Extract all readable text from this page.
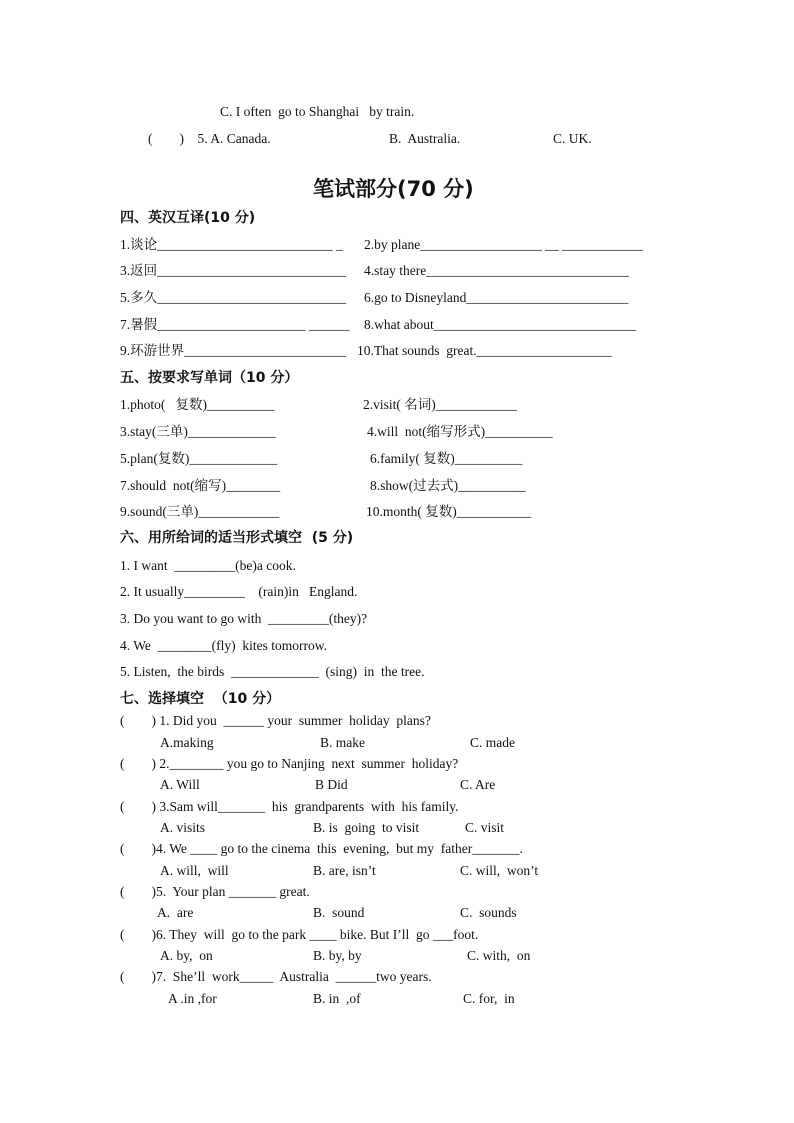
C. I often  go to Shanghai   by train.
(        )    5. A. Canada.	B.  Australia.	C. UK.
笔试部分(70 分)
四、英汉互译(10 分)
1.谈论__________________________ _ 2.by plane__________________ __ ____________
3.返回____________________________ 4.stay there______________________________
5.多久____________________________ 6.go to Disneyland________________________
7.暑假______________________ ______ 8.what about______________________________
9.环游世界________________________ 10.That sounds  great.____________________
五、按要求写单词（10 分）
1.photo(   复数)__________	2.visit( 名词)____________
3.stay(三单)_____________	4.will  not(缩写形式)__________
5.plan(复数)_____________	6.family( 复数)__________
7.should  not(缩写)________	8.show(过去式)__________
9.sound(三单)____________	10.month( 复数)___________
六、用所给词的适当形式填空  (5 分)
1. I want  _________(be)a cook.
2. It usually_________    (rain)in   England.
3. Do you want to go with  _________(they)?
4. We  ________(fly)  kites tomorrow.
5. Listen,  the birds  _____________  (sing)  in  the tree.
七、选择填空  （10 分）
(        ) 1. Did you  ______ your  summer  holiday  plans?
A.making	B. make	C. made
(        ) 2.________ you go to Nanjing  next  summer  holiday?
A. Will	B Did	C. Are
(        ) 3.Sam will_______  his  grandparents  with  his family.
A. visits	B. is  going  to visit	C. visit
(        )4. We ____ go to the cinema  this  evening,  but my  father_______.
A. will,  will	B. are, isn’t	C. will,  won’t
(        )5.  Your plan _______ great.
A.  are	B.  sound	C.  sounds
(        )6. They  will  go to the park ____ bike. But I’ll  go ___foot.
A. by,  on	B. by, by	C. with,  on
(        )7.  She’ll  work_____  Australia  ______two years.
A .in ,for	B. in  ,of	C. for,  in
